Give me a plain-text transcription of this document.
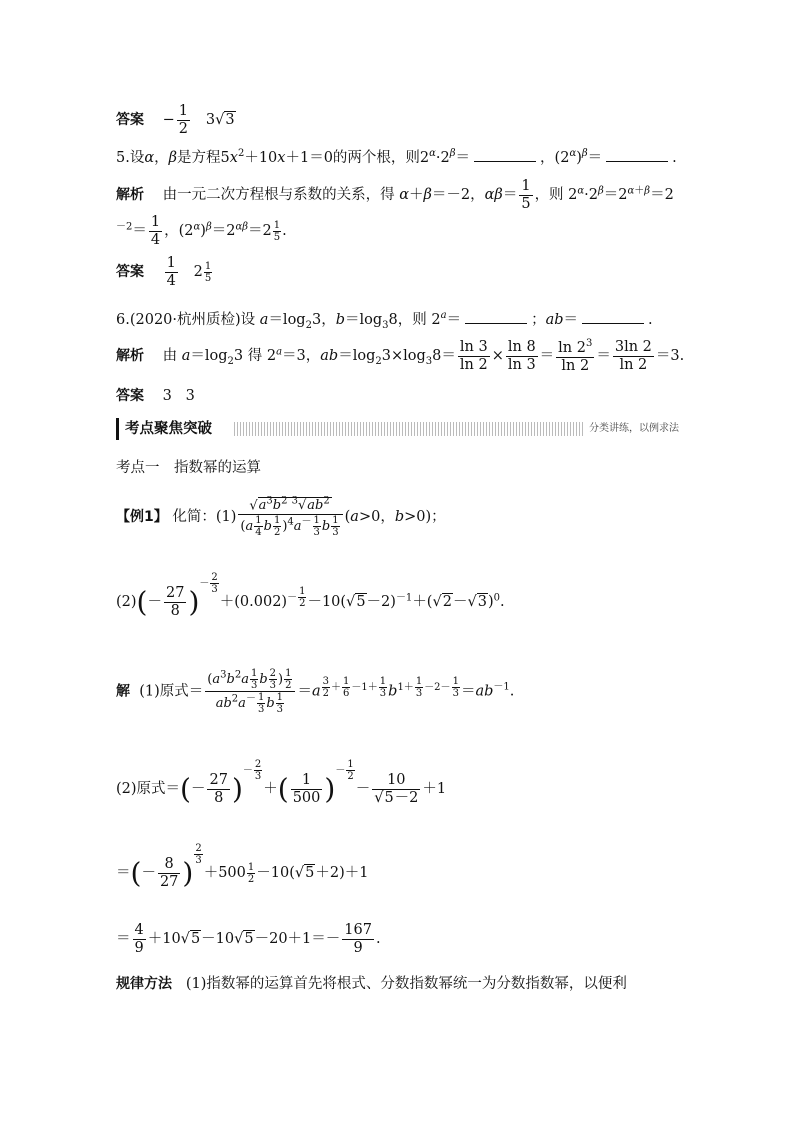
答案 − $\frac{1}{2} 3√3$
5.设α，β是方程$5x^2+10x+1=0$的两个根，则$2^\alpha\cdot 2^\beta=$	，$(2^\alpha)^\beta=$	.
解析 由一元二次方程根与系数的关系，得 α＋β＝－2，$\alpha\beta= \frac{1}{5}$ ，则 $2^\alpha\cdot 2^\beta=2^{\alpha+\beta}=2$
$^{-2}= \frac{1}{4}$ ，$(2^\alpha)^\beta=2^{\alpha\beta}=2 \frac{1}{5}$ .
答案 $\frac{1}{4} 2 \frac{1}{5}$
6.(2020·杭州质检)设 $a=\log_23$，$b=\log_38$，则 $2^a=$	；ab＝	.
解析 由 $a=\log_23$ 得 $2^a=3$，$ab=\log_23\times\log_38= \frac{\ln 3}{\ln 2} \times \frac{\ln 8}{\ln 3} = \frac{\ln 2^3}{\ln 2} = \frac{3\ln 2}{\ln 2} =3$.
答案 3   3
考点聚焦突破	分类讲练，以例求法
考点一　指数幂的运算
【例1】 化简：$(1) \frac{√a^3b^2 ^3√ab^2}{(a \frac{1}{4} b \frac{1}{2} )^4a^- \frac{1}{3} b \frac{1}{3}} (a>0$，b>0)；
$(2)(- \frac{27}{8} )^{- \frac{2}{3}}$
$+(0.002)^{- \frac{1}{2}} -10(√5-2)^{-1}+(√2-√3)^0$.
解  (1)原式＝ $\frac{(a^3b^2a \frac{1}{3} b \frac{2}{3} ) \frac{1}{2}}{ab^2a^- \frac{1}{3} b \frac{1}{3}} =a$ $^{\frac{3}{2} + \frac{1}{6} -1+ \frac{1}{3}}$ $b^{1+ \frac{1}{3} -2- \frac{1}{3}} =ab^{-1}$.
(2)原式＝(－ $\frac{27}{8} )^{- \frac{2}{3}}$
＋( $\frac{1}{500} )^{- \frac{1}{2}}$
－ $\frac{10}{√5-2} +1$
＝(－ $\frac{8}{27}$ )
$^{\frac{2}{3}}$
$+500 \frac{1}{2} -10(√5+2)+1$
＝ $\frac{4}{9} +10√5-10√5-20+1=- \frac{167}{9}$ .
规律方法 (1)指数幂的运算首先将根式、分数指数幂统一为分数指数幂，以便利
